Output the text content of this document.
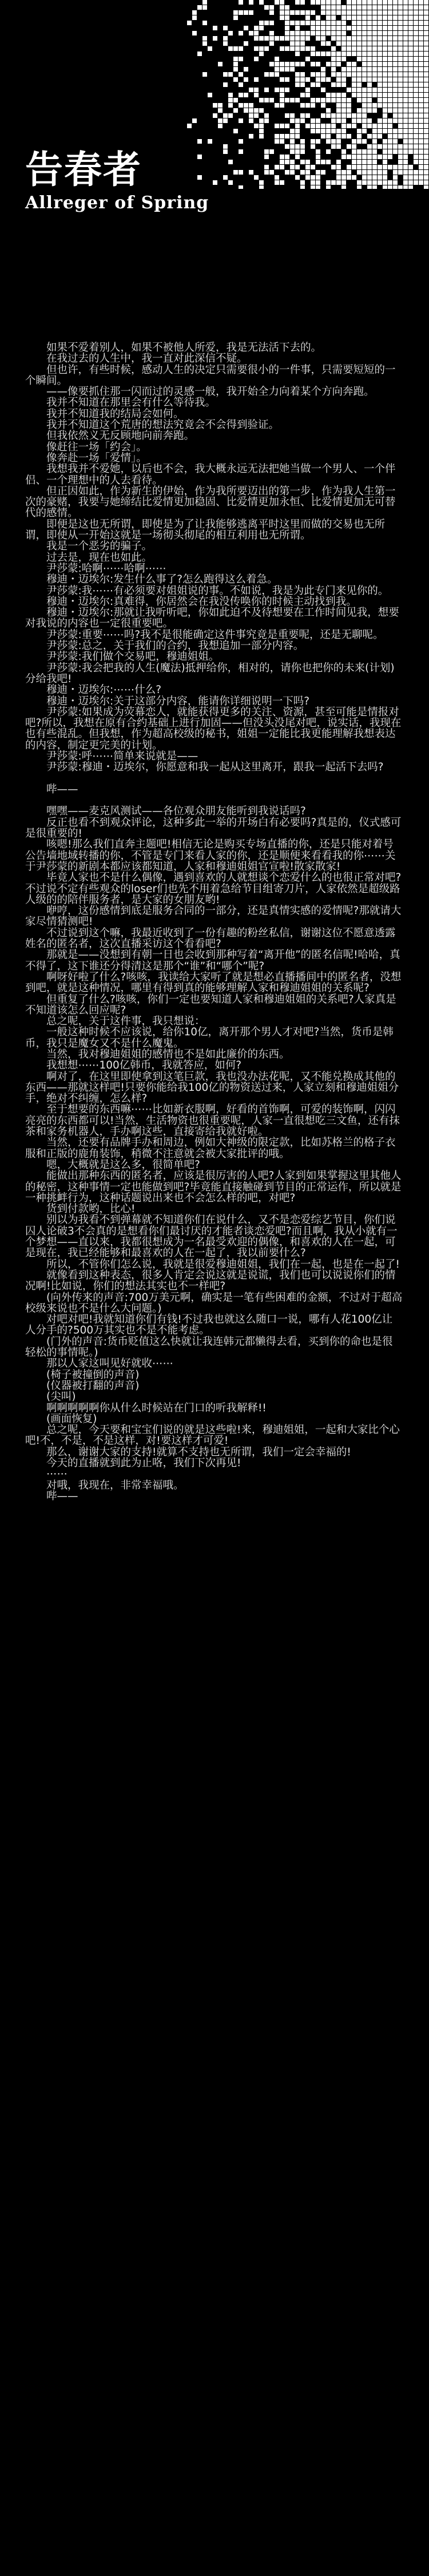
告春者
Allreger of Spring

　　如果不爱着别人，如果不被他人所爱，我是无法活下去的。

　　在我过去的人生中，我一直对此深信不疑。

　　但也许，有些时候，感动人生的决定只需要很小的一件事，只需要短短的一个瞬间。

　　——像要抓住那一闪而过的灵感一般，我开始全力向着某个方向奔跑。

　　我并不知道在那里会有什么等待我。

　　我并不知道我的结局会如何。

　　我并不知道这个荒唐的想法究竟会不会得到验证。

　　但我依然义无反顾地向前奔跑。

　　像赶往一场「约会」。

　　像奔赴一场「爱情」。

　　我想我并不爱她，以后也不会，我大概永远无法把她当做一个男人、一个伴侣、一个理想中的人去看待。

　　但正因如此，作为新生的伊始，作为我所要迈出的第一步，作为我人生第一次的豪赌，我要与她缔结比爱情更加稳固、比爱情更加永恒、比爱情更加无可替代的感情。

　　即便是这也无所谓，即使是为了让我能够逃离平时这里而做的交易也无所谓，即使从一开始这就是一场彻头彻尾的相互利用也无所谓。

　　我是一个恶劣的骗子。

　　过去是，现在也如此。

　　尹莎蒙:哈啊⋯⋯哈啊⋯⋯

　　穆迪・迈埃尔:发生什么事了?怎么跑得这么着急。

　　尹莎蒙:我⋯⋯有必须要对姐姐说的事。不如说，我是为此专门来见你的。

　　穆迪・迈埃尔:真难得，你居然会在我没传唤你的时候主动找到我。

　　穆迪・迈埃尔:那就让我听听吧，你如此迫不及待想要在工作时间见我，想要对我说的内容也一定很重要吧。

　　尹莎蒙:重要⋯⋯吗?我不是很能确定这件事究竟是重要呢，还是无聊呢。

　　尹莎蒙:总之，关于我们的合约，我想追加一部分内容。

　　尹莎蒙:我们做个交易吧，穆迪姐姐。

　　尹莎蒙:我会把我的人生(魔法)抵押给你，相对的，请你也把你的未来(计划)分给我吧!

　　穆迪・迈埃尔:⋯⋯什么?

　　穆迪・迈埃尔:关于这部分内容，能请你详细说明一下吗?

　　尹莎蒙:如果成为荧幕恋人，就能获得更多的关注、资源，甚至可能是情报对吧?所以，我想在原有合约基础上进行加固——但没头没尾对吧，说实话，我现在也有些混乱。但我想，作为超高校级的秘书，姐姐一定能比我更能理解我想表达的内容，制定更完美的计划。

　　尹莎蒙:呼⋯⋯简单来说就是——

　　尹莎蒙:穆迪・迈埃尔，你愿意和我一起从这里离开，跟我一起活下去吗?

　　哔——

　　嘿嘿——麦克风测试——各位观众朋友能听到我说话吗?

　　反正也看不到观众评论，这种多此一举的开场白有必要吗?真是的，仪式感可是很重要的!

　　咳嗯!那么我们直奔主题吧!相信无论是购买专场直播的你，还是只能对着号公告墙地域转播的你，不管是专门来看人家的你，还是顺便来看看我的你⋯⋯关于尹莎蒙的新剧本都应该都知道，人家和穆迪姐姐官宣啦!散家散家!

　　毕竟人家也不是什么偶像，遇到喜欢的人就想谈个恋爱什么的也很正常对吧?不过说不定有些观众的loser们也先不用着急给节目组寄刀片，人家依然是超级路人级的的陪伴服务者，是大家的女朋友哟!

　　咿哼，这份感情到底是服务合同的一部分，还是真情实感的爱情呢?那就请大家尽情猜测吧!

　　不过说到这个嘛，我最近收到了一份有趣的粉丝私信，谢谢这位不愿意透露姓名的匿名者，这次直播采访这个看看吧?

　　那就是——没想到有朝一日也会收到那种写着“离开他”的匿名信呢!哈哈，真不得了，这下谁还分得清这是那个“谁”和“哪个”呢?

　　啊呀好啦了什么?咳咳，我读给大家听了就是想必直播播间中的匿名者，没想到吧，就是这种情况，哪里有得到真的能够理解人家和穆迪姐姐的关系呢?

　　但重复了什么?咳咳，你们一定也要知道人家和穆迪姐姐的关系吧?人家真是不知道该怎么回应呢?

　　总之呢，关于这件事，我只想说：

　　一般这种时候不应该说，给你10亿，离开那个男人才对吧?当然，货币是韩币，我只是魔女又不是什么魔鬼。

　　当然，我对穆迪姐姐的感情也不是如此廉价的东西。

　　我想想⋯⋯100亿韩币，我就答应，如何?

　　啊对了，在这里即使拿到这笔巨款，我也没办法花呢，又不能兑换成其他的东西——那就这样吧!只要你能给我100亿的物资送过来，人家立刻和穆迪姐姐分手，绝对不纠缠，怎么样?

　　至于想要的东西嘛⋯⋯比如新衣服啊，好看的首饰啊，可爱的装饰啊，闪闪亮亮的东西都可以!当然，生活物资也很重要呢，人家一直很想吃三文鱼，还有抹茶和家务机器人，手办啊这些，直接寄给我就好啦。

　　当然，还要有品牌手办和周边，例如大神级的限定款，比如苏格兰的格子衣服和正版的鹿角装饰，稍微不注意就会被大家批评的哦。

　　嗯，大概就是这么多，很简单吧?

　　能做出那种东西的匿名者，应该是很厉害的人吧?人家到如果掌握这里其他人的秘密，这种事情一定也能做到吧?毕竟能直接触碰到节目的正常运作，所以就是一种挑衅行为，这种话题说出来也不会怎么样的吧，对吧?

　　货到付款哟，比心!

　　别以为我看不到弹幕就不知道你们在说什么，又不是恋爱综艺节目，你们说囚人论破3不会真的是想看你们最讨厌的才能者谈恋爱吧?而且啊，我从小就有一个梦想——直以来，我都很想成为一名最受欢迎的偶像，和喜欢的人在一起，可是现在，我已经能够和最喜欢的人在一起了，我以前要什么?

　　所以，不管你们怎么说，我就是很爱穆迪姐姐，我们在一起，也是在一起了!

　　就像看到这种表态，很多人肯定会说这就是说谎，我们也可以说说你们的情况啊!比如说，你们的想法其实也不一样吧?

　　(向外传来的声音:700万美元啊，确实是一笔有些困难的金额，不过对于超高校级来说也不是什么大问题。)

　　对吧对吧!我就知道你们有钱!不过我也就这么随口一说，哪有人花100亿让人分手的?500万其实也不是不能考虑。

　　(门外的声音:货币贬值这么快就让我连韩元都懒得去看，买到你的命也是很轻松的事情呢。)

　　那以人家这叫见好就收⋯⋯

　　(椅子被撞倒的声音)

　　(仪器被打翻的声音)

　　(尖叫)

　　啊啊啊啊啊你从什么时候站在门口的听我解释!!

　　(画面恢复)

　　总之呢，今天要和宝宝们说的就是这些啦!来，穆迪姐姐，一起和大家比个心吧!不，不是，不是这样，对!要这样才可爱!

　　那么，谢谢大家的支持!就算不支持也无所谓，我们一定会幸福的!

　　今天的直播就到此为止咯，我们下次再见!

　　⋯⋯

　　对哦，我现在，非常幸福哦。

　　哔——
